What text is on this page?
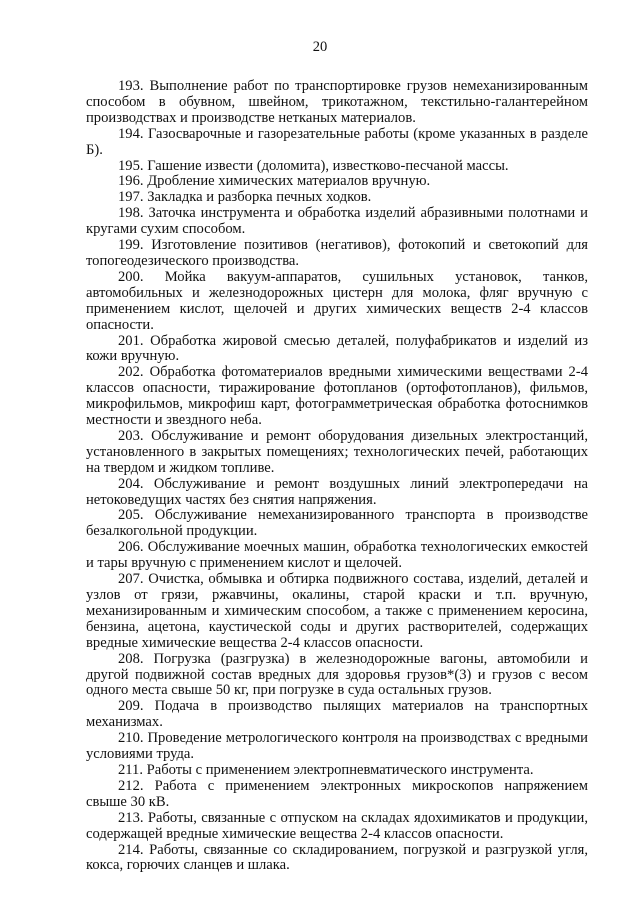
20

193. Выполнение работ по транспортировке грузов немеханизированным способом в обувном, швейном, трикотажном, текстильно-галантерейном производствах и производстве нетканых материалов.

194. Газосварочные и газорезательные работы (кроме указанных в разделе Б).

195. Гашение извести (доломита), известково-песчаной массы.

196. Дробление химических материалов вручную.

197. Закладка и разборка печных ходков.

198. Заточка инструмента и обработка изделий абразивными полотнами и кругами сухим способом.

199. Изготовление позитивов (негативов), фотокопий и светокопий для топогеодезического производства.

200. Мойка вакуум-аппаратов, сушильных установок, танков, автомобильных и железнодорожных цистерн для молока, фляг вручную с применением кислот, щелочей и других химических веществ 2-4 классов опасности.

201. Обработка жировой смесью деталей, полуфабрикатов и изделий из кожи вручную.

202. Обработка фотоматериалов вредными химическими веществами 2-4 классов опасности, тиражирование фотопланов (ортофотопланов), фильмов, микрофильмов, микрофиш карт, фотограмметрическая обработка фотоснимков местности и звездного неба.

203. Обслуживание и ремонт оборудования дизельных электростанций, установленного в закрытых помещениях; технологических печей, работающих на твердом и жидком топливе.

204. Обслуживание и ремонт воздушных линий электропередачи на нетоковедущих частях без снятия напряжения.

205. Обслуживание немеханизированного транспорта в производстве безалкогольной продукции.

206. Обслуживание моечных машин, обработка технологических емкостей и тары вручную с применением кислот и щелочей.

207. Очистка, обмывка и обтирка подвижного состава, изделий, деталей и узлов от грязи, ржавчины, окалины, старой краски и т.п. вручную, механизированным и химическим способом, а также с применением керосина, бензина, ацетона, каустической соды и других растворителей, содержащих вредные химические вещества 2-4 классов опасности.

208. Погрузка (разгрузка) в железнодорожные вагоны, автомобили и другой подвижной состав вредных для здоровья грузов*(3) и грузов с весом одного места свыше 50 кг, при погрузке в суда остальных грузов.

209. Подача в производство пылящих материалов на транспортных механизмах.

210. Проведение метрологического контроля на производствах с вредными условиями труда.

211. Работы с применением электропневматического инструмента.

212. Работа с применением электронных микроскопов напряжением свыше 30 кВ.

213. Работы, связанные с отпуском на складах ядохимикатов и продукции, содержащей вредные химические вещества 2-4 классов опасности.

214. Работы, связанные со складированием, погрузкой и разгрузкой угля, кокса, горючих сланцев и шлака.
